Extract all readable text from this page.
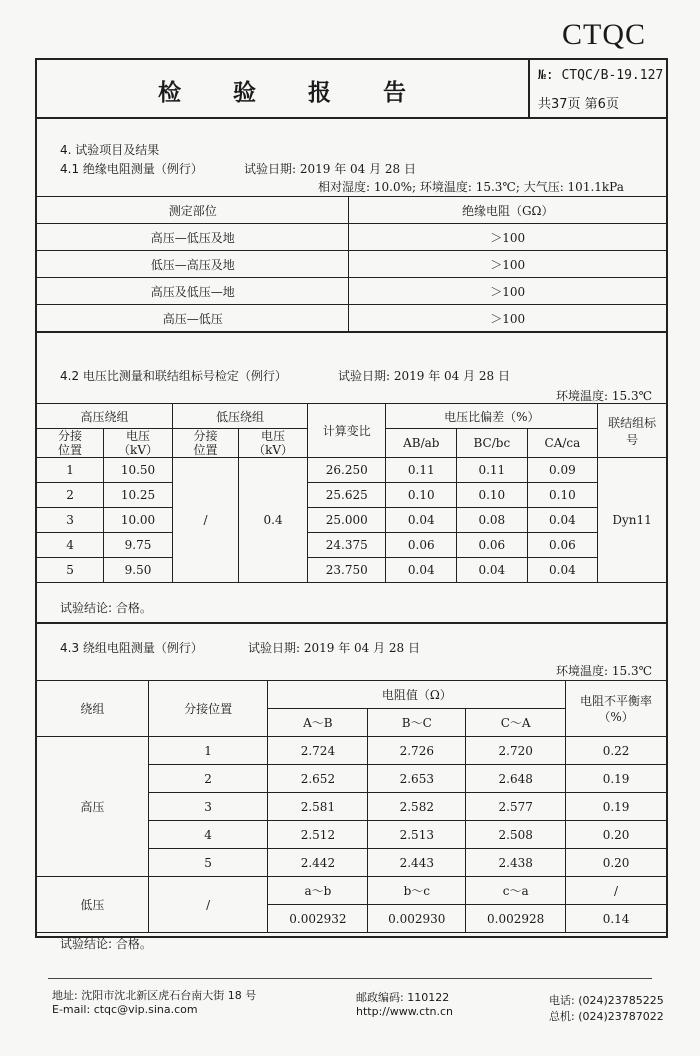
CTQC
检验报告
№: CTQC/B-19.127
共37页 第6页
4. 试验项目及结果
4.1 绝缘电阻测量（例行）	试验日期: 2019 年 04 月 28 日
相对湿度: 10.0%; 环境温度: 15.3℃; 大气压: 101.1kPa
测定部位	绝缘电阻（GΩ）
高压—低压及地	＞100
低压—高压及地	＞100
高压及低压—地	＞100
高压—低压	＞100
4.2 电压比测量和联结组标号检定（例行）	试验日期: 2019 年 04 月 28 日
环境温度: 15.3℃
高压绕组		低压绕组		计算变比	电压比偏差（%）			联结组标号
分接位置	电压（kV）	分接位置	电压（kV）		AB/ab	BC/bc	CA/ca	
1	10.50	/	0.4	26.250	0.11	0.11	0.09	Dyn11
2	10.25			25.625	0.10	0.10	0.10	
3	10.00			25.000	0.04	0.08	0.04	
4	9.75			24.375	0.06	0.06	0.06	
5	9.50			23.750	0.04	0.04	0.04	
试验结论: 合格。
4.3 绕组电阻测量（例行）	试验日期: 2019 年 04 月 28 日
环境温度: 15.3℃
绕组	分接位置	电阻值（Ω）			电阻不平衡率（%）
		A～B	B～C	C～A	
高压	1	2.724	2.726	2.720	0.22
	2	2.652	2.653	2.648	0.19
	3	2.581	2.582	2.577	0.19
	4	2.512	2.513	2.508	0.20
	5	2.442	2.443	2.438	0.20
低压	/	a～b	b～c	c～a	/
		0.002932	0.002930	0.002928	0.14
试验结论: 合格。
地址: 沈阳市沈北新区虎石台南大街 18 号
E-mail: ctqc@vip.sina.com
邮政编码: 110122
http://www.ctn.cn
电话: (024)23785225
总机: (024)23787022
